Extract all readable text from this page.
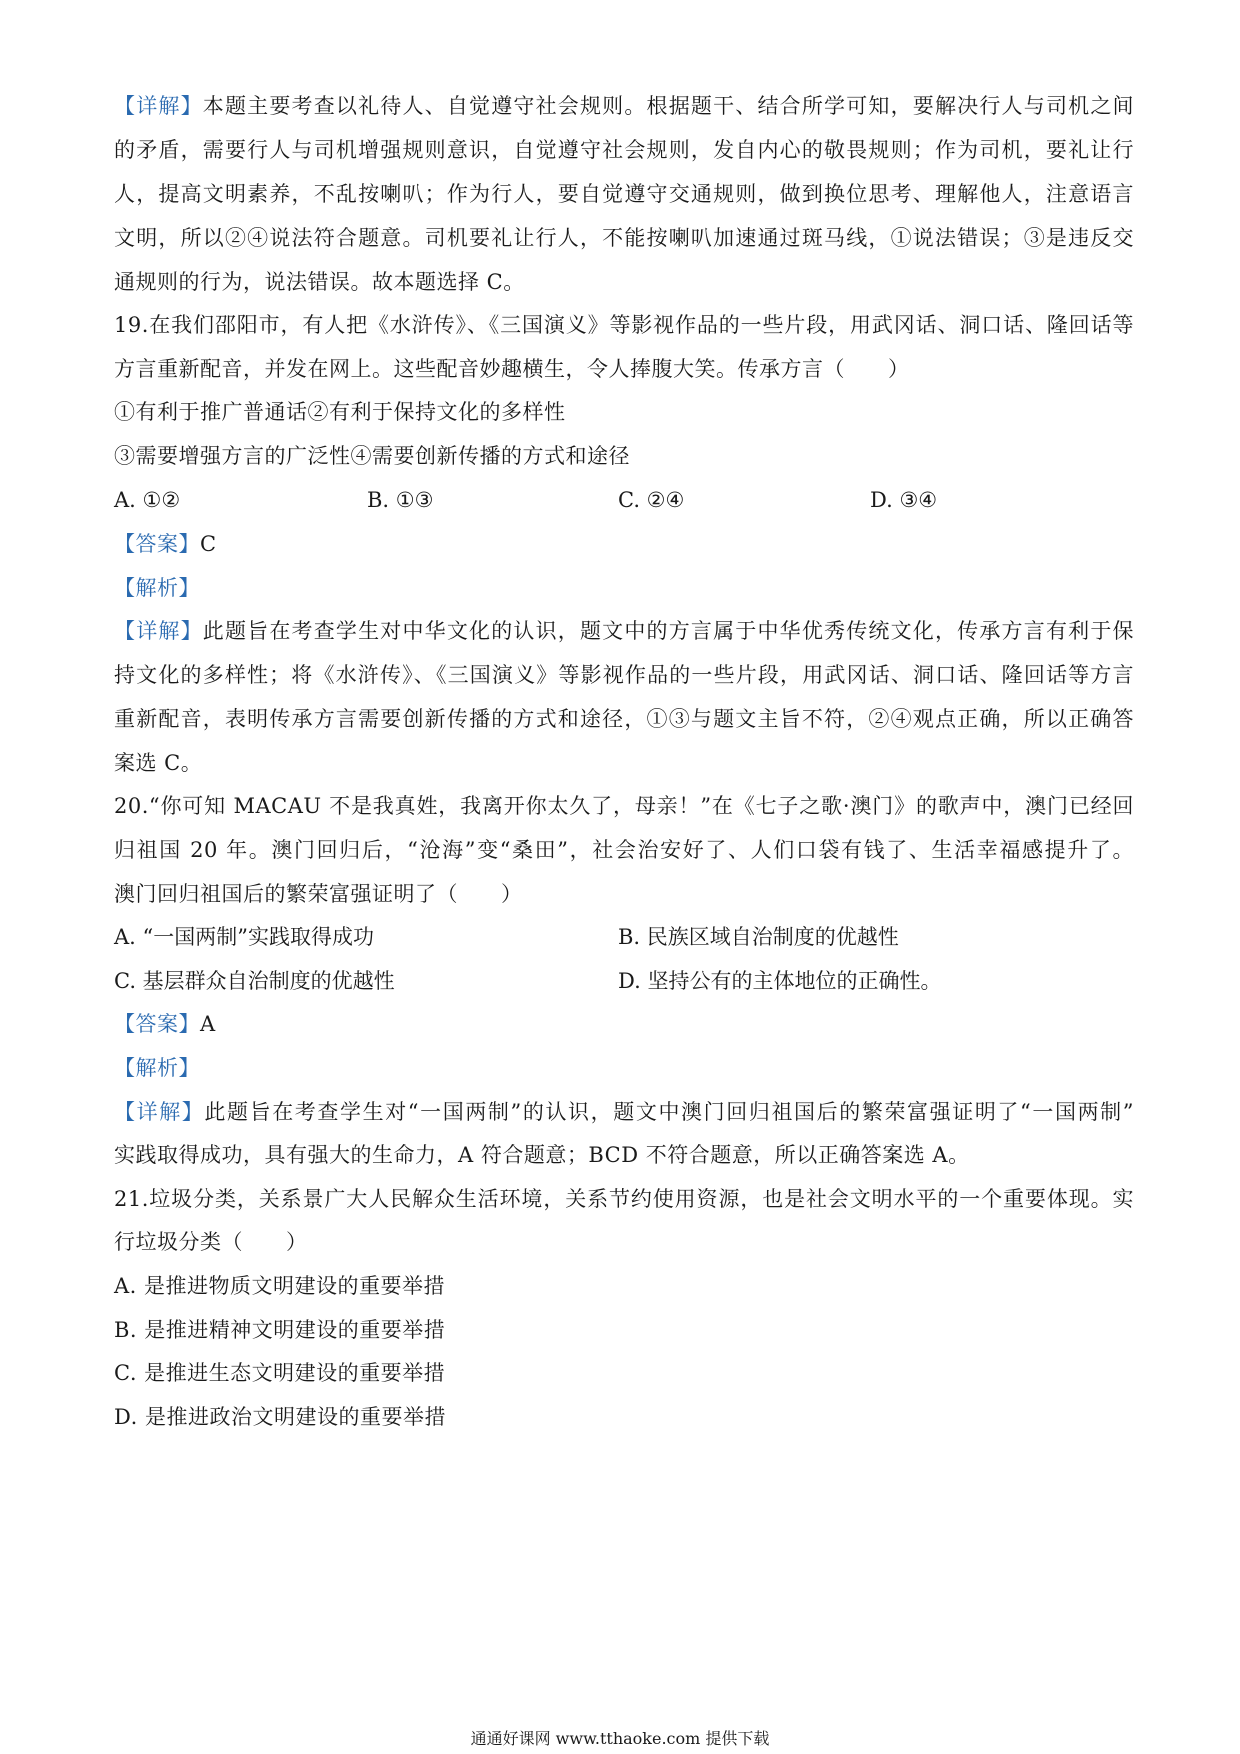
【详解】本题主要考查以礼待人、自觉遵守社会规则。根据题干、结合所学可知，要解决行人与司机之间
的矛盾，需要行人与司机增强规则意识，自觉遵守社会规则，发自内心的敬畏规则；作为司机，要礼让行
人，提高文明素养，不乱按喇叭；作为行人，要自觉遵守交通规则，做到换位思考、理解他人，注意语言
文明，所以②④说法符合题意。司机要礼让行人，不能按喇叭加速通过斑马线，①说法错误；③是违反交
通规则的行为，说法错误。故本题选择 C。
19.在我们邵阳市，有人把《水浒传》、《三国演义》等影视作品的一些片段，用武冈话、洞口话、隆回话等
方言重新配音，并发在网上。这些配音妙趣横生，令人捧腹大笑。传承方言（　　）
①有利于推广普通话②有利于保持文化的多样性
③需要增强方言的广泛性④需要创新传播的方式和途径
A. ①②	B. ①③	C. ②④	D. ③④
【答案】C
【解析】
【详解】此题旨在考查学生对中华文化的认识，题文中的方言属于中华优秀传统文化，传承方言有利于保
持文化的多样性；将《水浒传》、《三国演义》等影视作品的一些片段，用武冈话、洞口话、隆回话等方言
重新配音，表明传承方言需要创新传播的方式和途径，①③与题文主旨不符，②④观点正确，所以正确答
案选 C。
20.“你可知 MACAU 不是我真姓，我离开你太久了，母亲！”在《七子之歌·澳门》的歌声中，澳门已经回
归祖国 20 年。澳门回归后，“沧海”变“桑田”，社会治安好了、人们口袋有钱了、生活幸福感提升了。
澳门回归祖国后的繁荣富强证明了（　　）
A. “一国两制”实践取得成功	B. 民族区域自治制度的优越性
C. 基层群众自治制度的优越性	D. 坚持公有的主体地位的正确性。
【答案】A
【解析】
【详解】此题旨在考查学生对“一国两制”的认识，题文中澳门回归祖国后的繁荣富强证明了“一国两制”
实践取得成功，具有强大的生命力，A 符合题意；BCD 不符合题意，所以正确答案选 A。
21.垃圾分类，关系景广大人民解众生活环境，关系节约使用资源，也是社会文明水平的一个重要体现。实
行垃圾分类（　　）
A. 是推进物质文明建设的重要举措
B. 是推进精神文明建设的重要举措
C. 是推进生态文明建设的重要举措
D. 是推进政治文明建设的重要举措
通通好课网 www.tthaoke.com 提供下载
